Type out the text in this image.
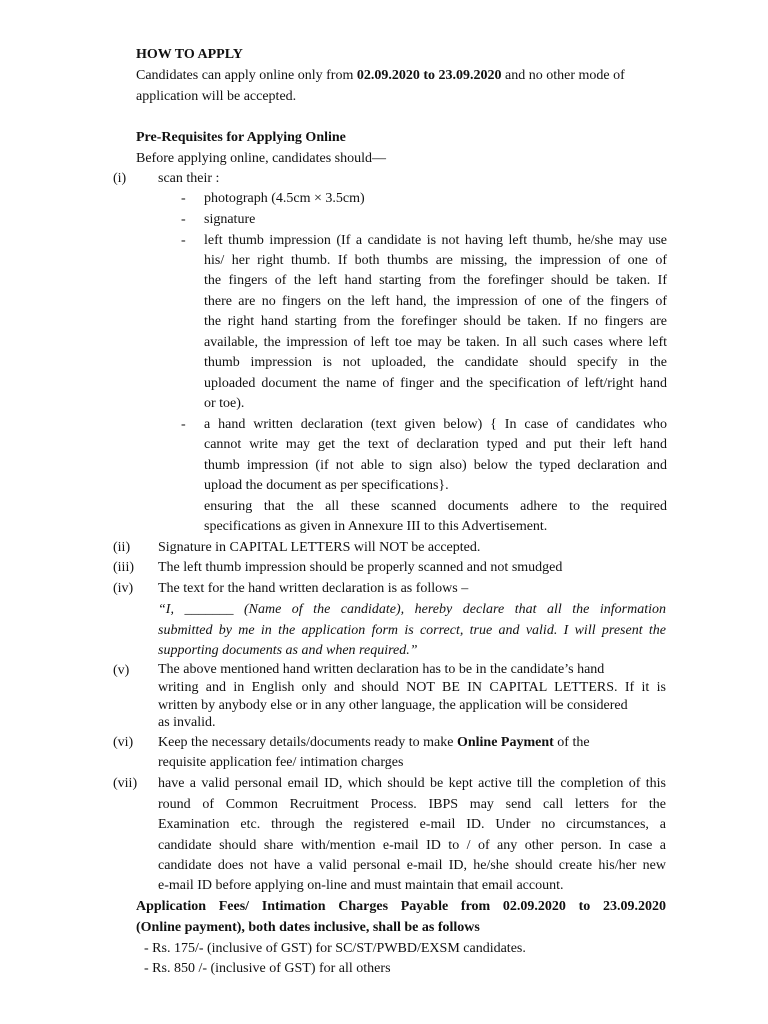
HOW TO APPLY
Candidates can apply online only from 02.09.2020 to 23.09.2020 and no other mode of
application will be accepted.
Pre-Requisites for Applying Online
Before applying online, candidates should—
(i) scan their :
- photograph (4.5cm × 3.5cm)
- signature
- left thumb impression (If a candidate is not having left thumb, he/she may use
his/ her right thumb. If both thumbs are missing, the impression of one of
the fingers of the left hand starting from the forefinger should be taken. If
there are no fingers on the left hand, the impression of one of the fingers of
the right hand starting from the forefinger should be taken. If no fingers are
available, the impression of left toe may be taken. In all such cases where left
thumb impression is not uploaded, the candidate should specify in the
uploaded document the name of finger and the specification of left/right hand
or toe).
- a hand written declaration (text given below) { In case of candidates who
cannot write may get the text of declaration typed and put their left hand
thumb impression (if not able to sign also) below the typed declaration and
upload the document as per specifications}.
ensuring that the all these scanned documents adhere to the required
specifications as given in Annexure III to this Advertisement.
(ii) Signature in CAPITAL LETTERS will NOT be accepted.
(iii) The left thumb impression should be properly scanned and not smudged
(iv) The text for the hand written declaration is as follows –
“I, _______ (Name of the candidate), hereby declare that all the information
submitted by me in the application form is correct, true and valid. I will present the
supporting documents as and when required.”
(v) The above mentioned hand written declaration has to be in the candidate’s hand
writing and in English only and should NOT BE IN CAPITAL LETTERS. If it is
written by anybody else or in any other language, the application will be considered
as invalid.
(vi) Keep the necessary details/documents ready to make Online Payment of the
requisite application fee/ intimation charges
(vii) have a valid personal email ID, which should be kept active till the completion of this
round of Common Recruitment Process. IBPS may send call letters for the
Examination etc. through the registered e-mail ID. Under no circumstances, a
candidate should share with/mention e-mail ID to / of any other person. In case a
candidate does not have a valid personal e-mail ID, he/she should create his/her new
e-mail ID before applying on-line and must maintain that email account.
Application Fees/ Intimation Charges Payable from 02.09.2020 to 23.09.2020
(Online payment), both dates inclusive, shall be as follows
- Rs. 175/- (inclusive of GST) for SC/ST/PWBD/EXSM candidates.
- Rs. 850 /- (inclusive of GST) for all others
